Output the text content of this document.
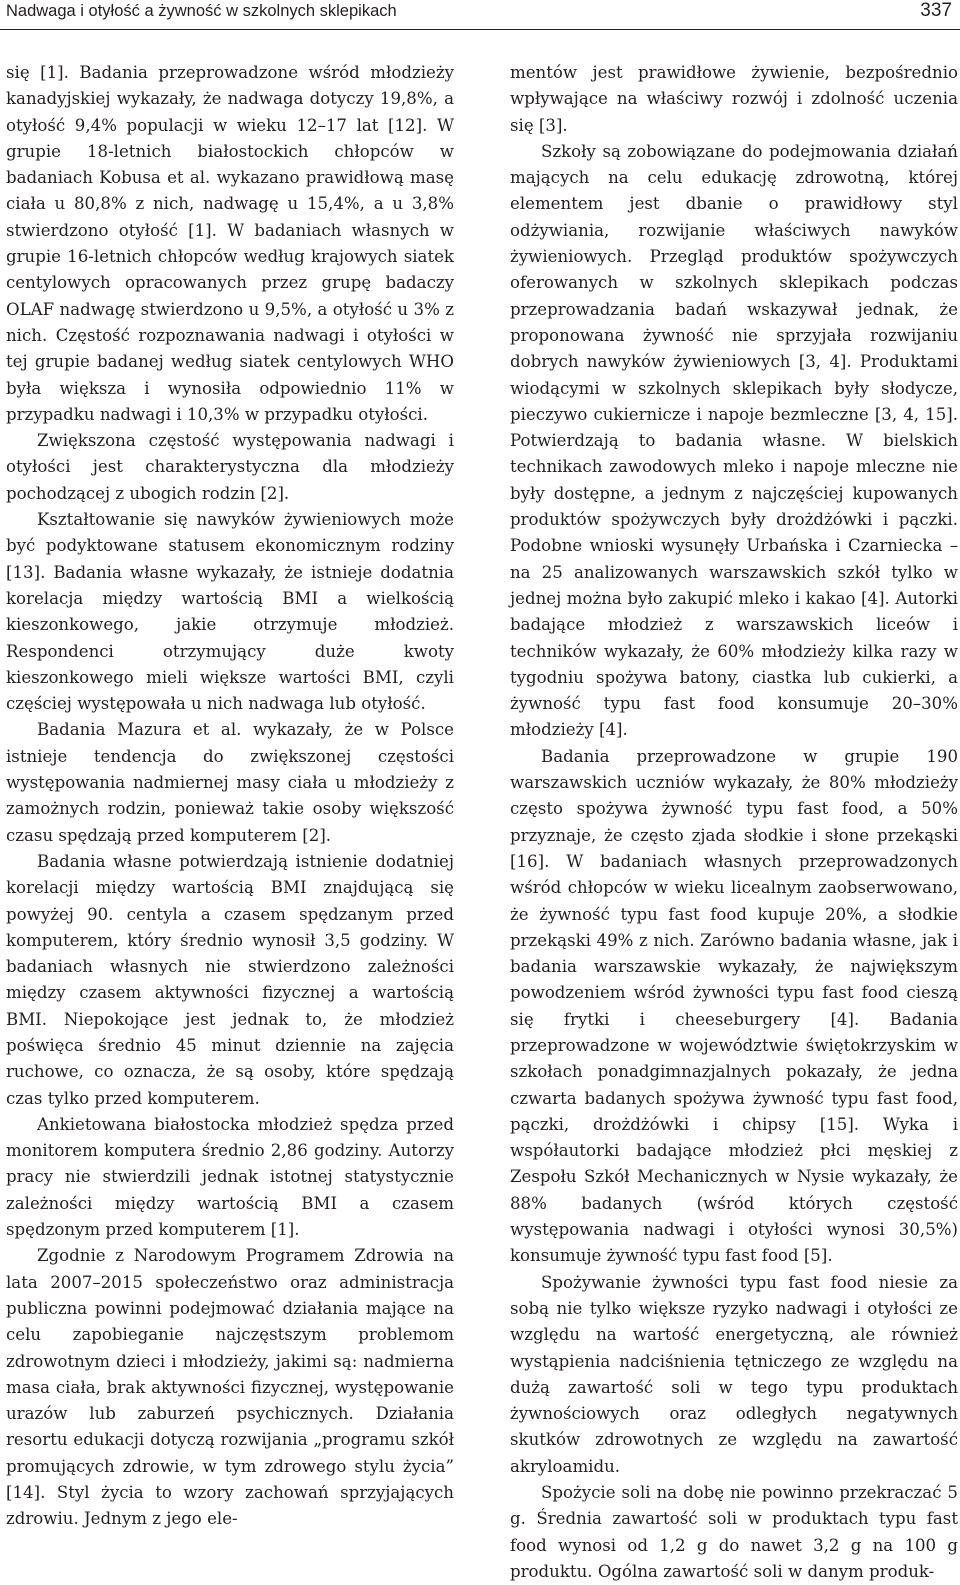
Nadwaga i otyłość a żywność w szkolnych sklepikach	337

się [1]. Badania przeprowadzone wśród młodzieży kanadyjskiej wykazały, że nadwaga dotyczy 19,8%, a otyłość 9,4% populacji w wieku 12–17 lat [12]. W grupie 18-letnich białostockich chłopców w badaniach Kobusa et al. wykazano prawidłową masę ciała u 80,8% z nich, nadwagę u 15,4%, a u 3,8% stwierdzono otyłość [1]. W badaniach własnych w grupie 16-letnich chłopców według krajowych siatek centylowych opracowanych przez grupę badaczy OLAF nadwagę stwierdzono u 9,5%, a otyłość u 3% z nich. Częstość rozpoznawania nadwagi i otyłości w tej grupie badanej według siatek centylowych WHO była większa i wynosiła odpowiednio 11% w przypadku nadwagi i 10,3% w przypadku otyłości.

Zwiększona częstość występowania nadwagi i otyłości jest charakterystyczna dla młodzieży pochodzącej z ubogich rodzin [2].

Kształtowanie się nawyków żywieniowych może być podyktowane statusem ekonomicznym rodziny [13]. Badania własne wykazały, że istnieje dodatnia korelacja między wartością BMI a wielkością kieszonkowego, jakie otrzymuje młodzież. Respondenci otrzymujący duże kwoty kieszonkowego mieli większe wartości BMI, czyli częściej występowała u nich nadwaga lub otyłość.

Badania Mazura et al. wykazały, że w Polsce istnieje tendencja do zwiększonej częstości występowania nadmiernej masy ciała u młodzieży z zamożnych rodzin, ponieważ takie osoby większość czasu spędzają przed komputerem [2].

Badania własne potwierdzają istnienie dodatniej korelacji między wartością BMI znajdującą się powyżej 90. centyla a czasem spędzanym przed komputerem, który średnio wynosił 3,5 godziny. W badaniach własnych nie stwierdzono zależności między czasem aktywności fizycznej a wartością BMI. Niepokojące jest jednak to, że młodzież poświęca średnio 45 minut dziennie na zajęcia ruchowe, co oznacza, że są osoby, które spędzają czas tylko przed komputerem.

Ankietowana białostocka młodzież spędza przed monitorem komputera średnio 2,86 godziny. Autorzy pracy nie stwierdzili jednak istotnej statystycznie zależności między wartością BMI a czasem spędzonym przed komputerem [1].

Zgodnie z Narodowym Programem Zdrowia na lata 2007–2015 społeczeństwo oraz administracja publiczna powinni podejmować działania mające na celu zapobieganie najczęstszym problemom zdrowotnym dzieci i młodzieży, jakimi są: nadmierna masa ciała, brak aktywności fizycznej, występowanie urazów lub zaburzeń psychicznych. Działania resortu edukacji dotyczą rozwijania „programu szkół promujących zdrowie, w tym zdrowego stylu życia” [14]. Styl życia to wzory zachowań sprzyjających zdrowiu. Jednym z jego ele-

mentów jest prawidłowe żywienie, bezpośrednio wpływające na właściwy rozwój i zdolność uczenia się [3].

Szkoły są zobowiązane do podejmowania działań mających na celu edukację zdrowotną, której elementem jest dbanie o prawidłowy styl odżywiania, rozwijanie właściwych nawyków żywieniowych. Przegląd produktów spożywczych oferowanych w szkolnych sklepikach podczas przeprowadzania badań wskazywał jednak, że proponowana żywność nie sprzyjała rozwijaniu dobrych nawyków żywieniowych [3, 4]. Produktami wiodącymi w szkolnych sklepikach były słodycze, pieczywo cukiernicze i napoje bezmleczne [3, 4, 15]. Potwierdzają to badania własne. W bielskich technikach zawodowych mleko i napoje mleczne nie były dostępne, a jednym z najczęściej kupowanych produktów spożywczych były drożdżówki i pączki. Podobne wnioski wysunęły Urbańska i Czarniecka – na 25 analizowanych warszawskich szkół tylko w jednej można było zakupić mleko i kakao [4]. Autorki badające młodzież z warszawskich liceów i techników wykazały, że 60% młodzieży kilka razy w tygodniu spożywa batony, ciastka lub cukierki, a żywność typu fast food konsumuje 20–30% młodzieży [4].

Badania przeprowadzone w grupie 190 warszawskich uczniów wykazały, że 80% młodzieży często spożywa żywność typu fast food, a 50% przyznaje, że często zjada słodkie i słone przekąski [16]. W badaniach własnych przeprowadzonych wśród chłopców w wieku licealnym zaobserwowano, że żywność typu fast food kupuje 20%, a słodkie przekąski 49% z nich. Zarówno badania własne, jak i badania warszawskie wykazały, że największym powodzeniem wśród żywności typu fast food cieszą się frytki i cheeseburgery [4]. Badania przeprowadzone w województwie świętokrzyskim w szkołach ponadgimnazjalnych pokazały, że jedna czwarta badanych spożywa żywność typu fast food, pączki, drożdżówki i chipsy [15]. Wyka i współautorki badające młodzież płci męskiej z Zespołu Szkół Mechanicznych w Nysie wykazały, że 88% badanych (wśród których częstość występowania nadwagi i otyłości wynosi 30,5%) konsumuje żywność typu fast food [5].

Spożywanie żywności typu fast food niesie za sobą nie tylko większe ryzyko nadwagi i otyłości ze względu na wartość energetyczną, ale również wystąpienia nadciśnienia tętniczego ze względu na dużą zawartość soli w tego typu produktach żywnościowych oraz odległych negatywnych skutków zdrowotnych ze względu na zawartość akryloamidu.

Spożycie soli na dobę nie powinno przekraczać 5 g. Średnia zawartość soli w produktach typu fast food wynosi od 1,2 g do nawet 3,2 g na 100 g produktu. Ogólna zawartość soli w danym produk-
